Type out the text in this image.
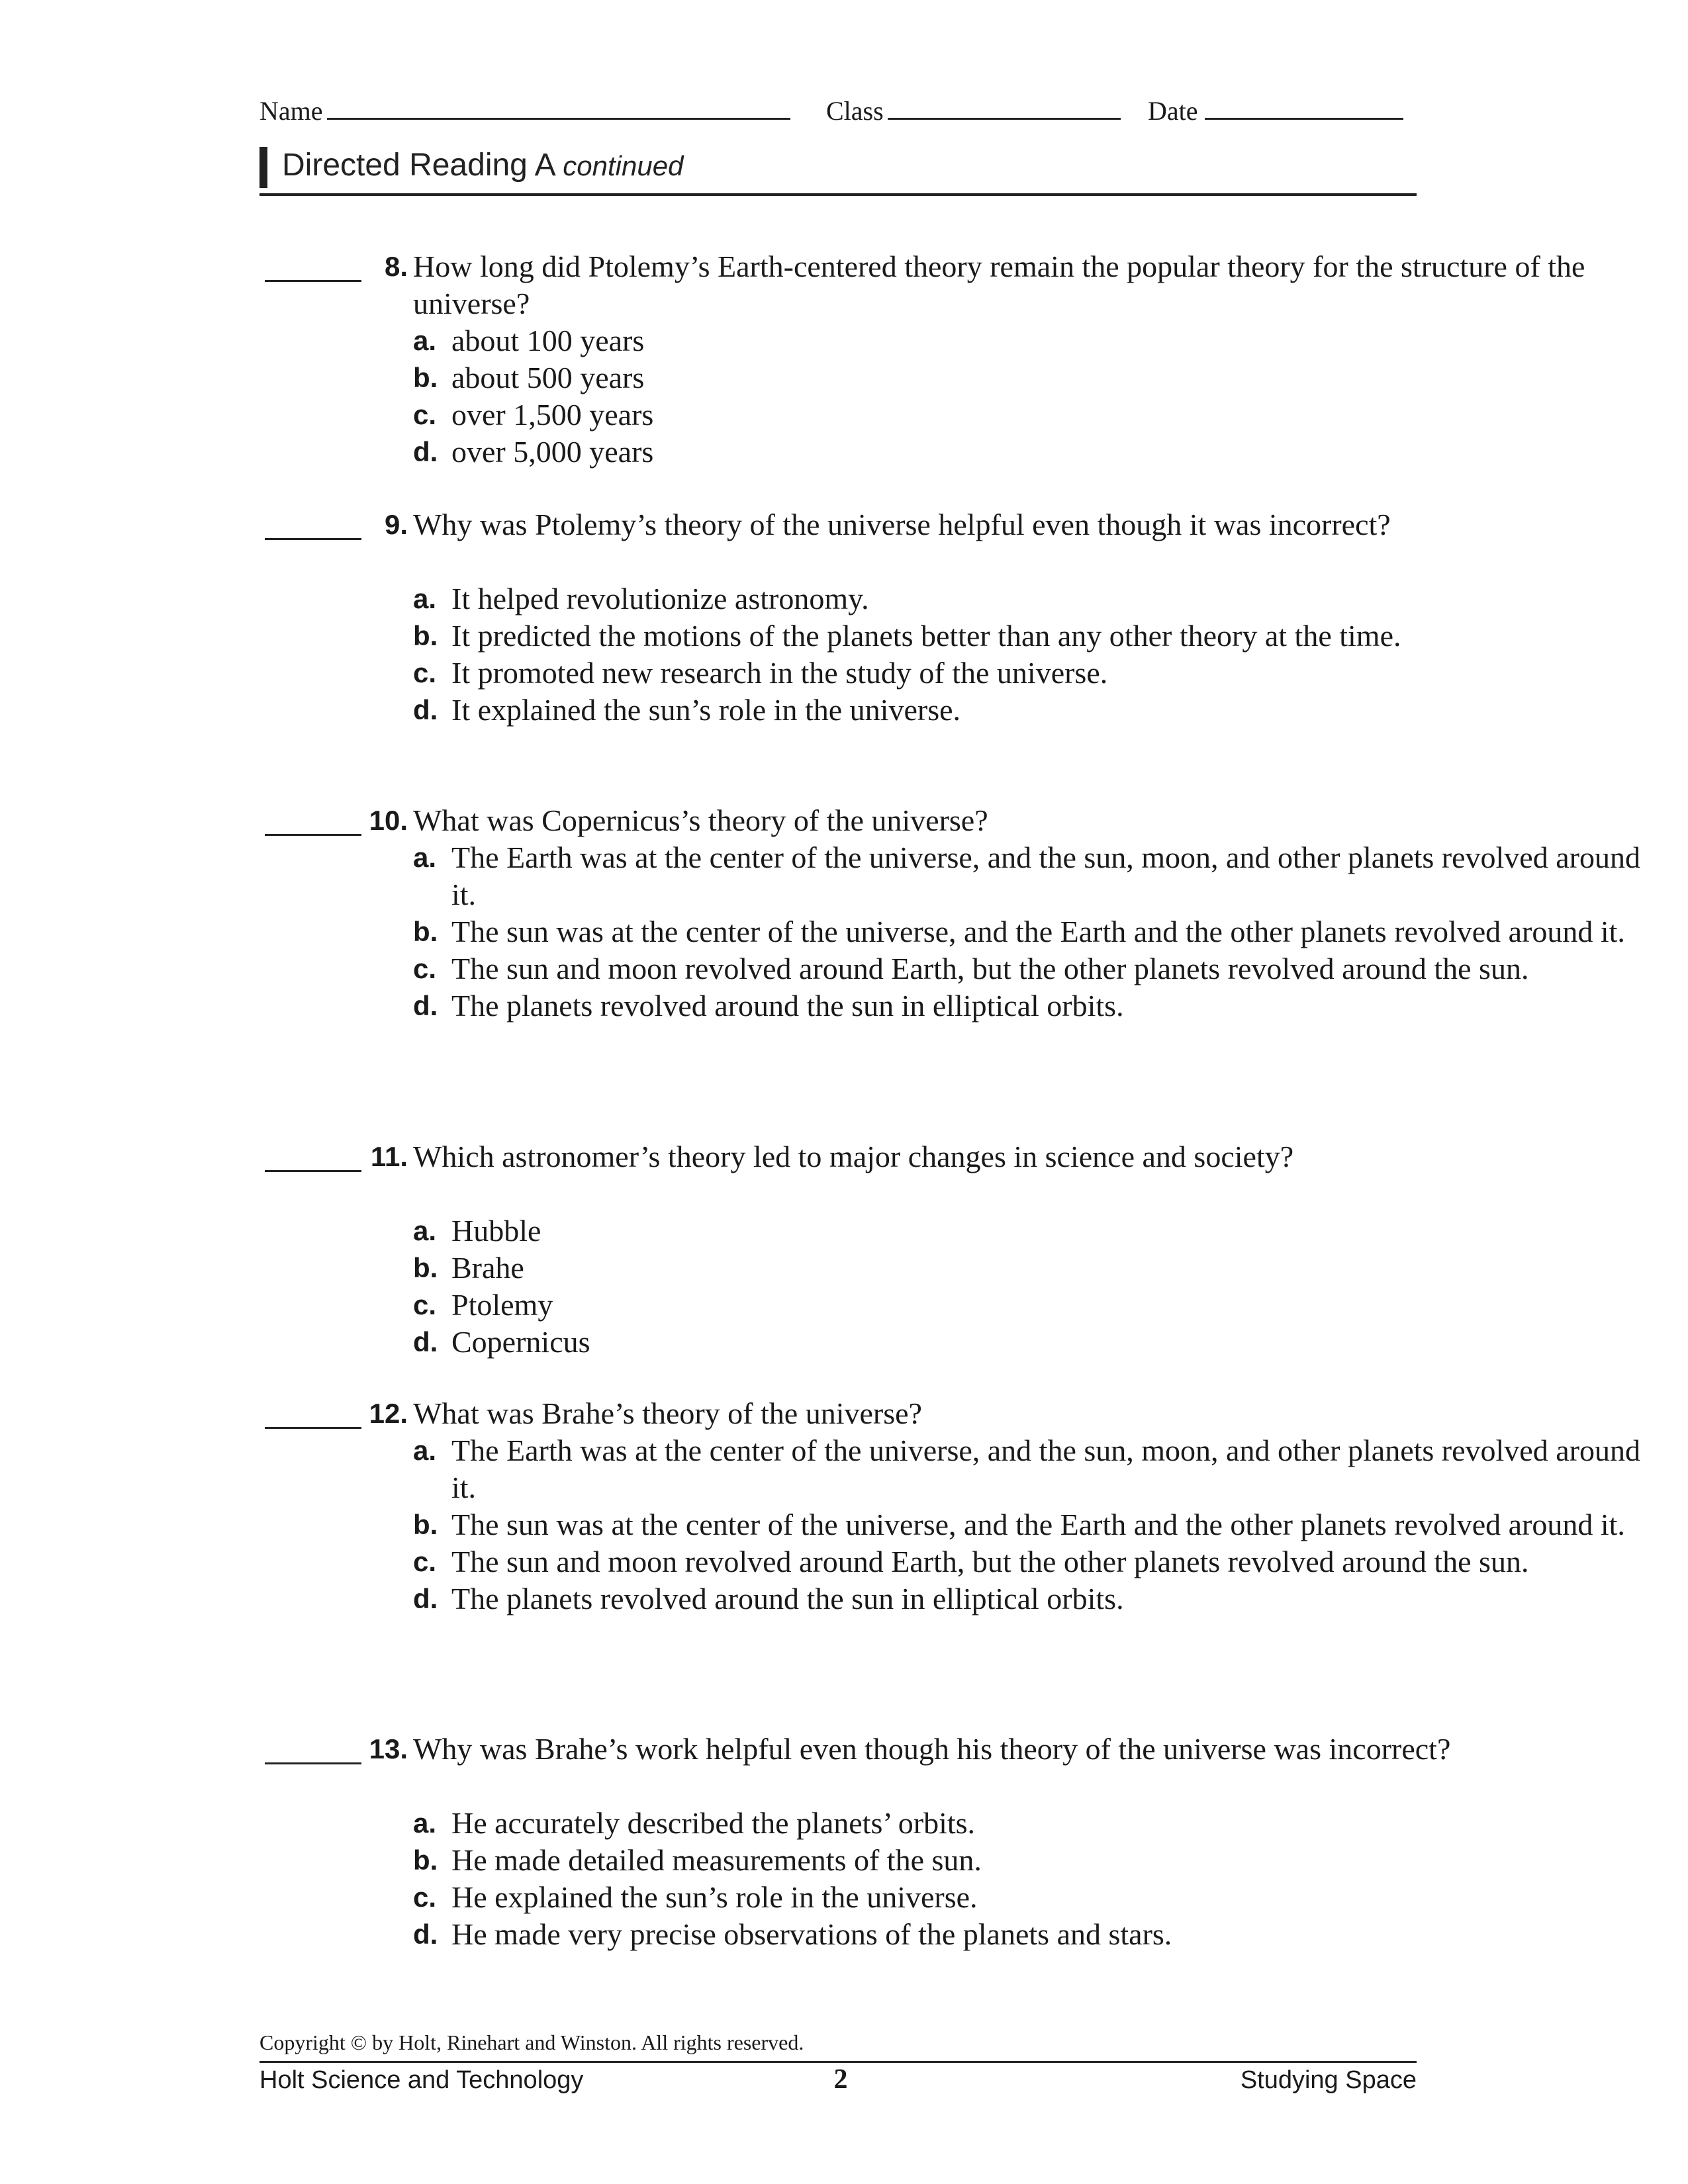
Name	Class	Date
Directed Reading A continued
8. How long did Ptolemy’s Earth-centered theory remain the popular theory for the structure of the universe?
a. about 100 years
b. about 500 years
c. over 1,500 years
d. over 5,000 years
9. Why was Ptolemy’s theory of the universe helpful even though it was incorrect?
a. It helped revolutionize astronomy.
b. It predicted the motions of the planets better than any other theory at the time.
c. It promoted new research in the study of the universe.
d. It explained the sun’s role in the universe.
10. What was Copernicus’s theory of the universe?
a. The Earth was at the center of the universe, and the sun, moon, and other planets revolved around it.
b. The sun was at the center of the universe, and the Earth and the other planets revolved around it.
c. The sun and moon revolved around Earth, but the other planets revolved around the sun.
d. The planets revolved around the sun in elliptical orbits.
11. Which astronomer’s theory led to major changes in science and society?
a. Hubble
b. Brahe
c. Ptolemy
d. Copernicus
12. What was Brahe’s theory of the universe?
a. The Earth was at the center of the universe, and the sun, moon, and other planets revolved around it.
b. The sun was at the center of the universe, and the Earth and the other planets revolved around it.
c. The sun and moon revolved around Earth, but the other planets revolved around the sun.
d. The planets revolved around the sun in elliptical orbits.
13. Why was Brahe’s work helpful even though his theory of the universe was incorrect?
a. He accurately described the planets’ orbits.
b. He made detailed measurements of the sun.
c. He explained the sun’s role in the universe.
d. He made very precise observations of the planets and stars.
Copyright © by Holt, Rinehart and Winston. All rights reserved.
Holt Science and Technology	2	Studying Space
